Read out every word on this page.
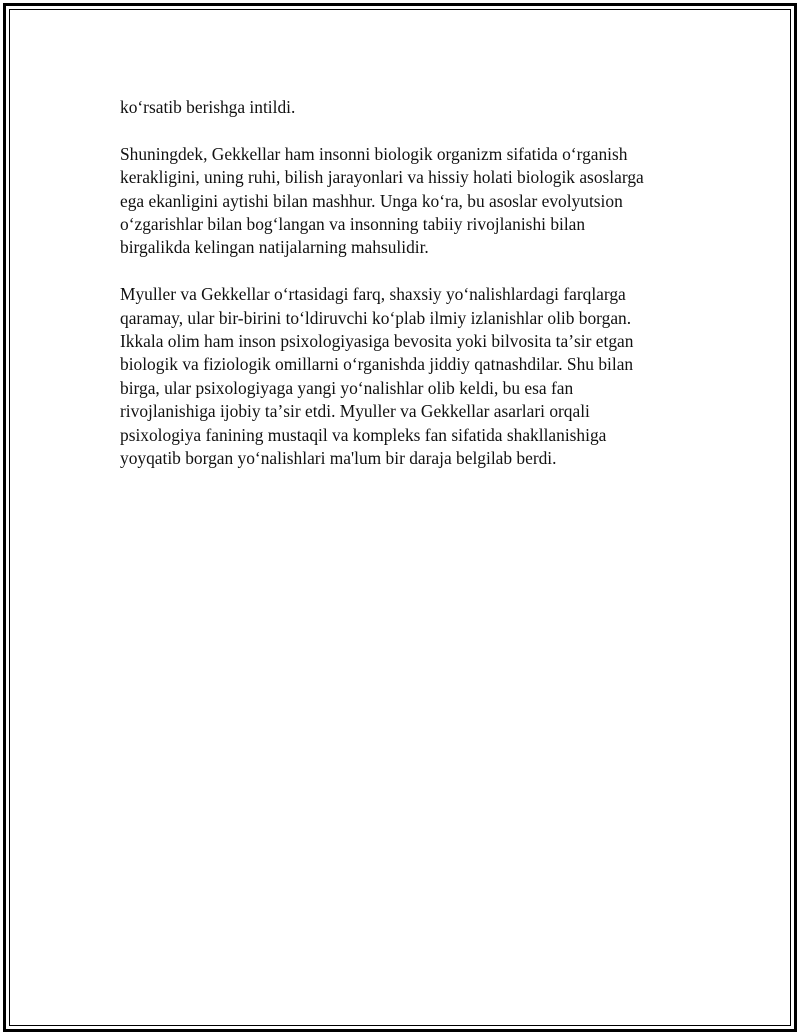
koʻrsatib berishga intildi.

Shuningdek, Gekkellar ham insonni biologik organizm sifatida oʻrganish
kerakligini, uning ruhi, bilish jarayonlari va hissiy holati biologik asoslarga
ega ekanligini aytishi bilan mashhur. Unga koʻra, bu asoslar evolyutsion
oʻzgarishlar bilan bogʻlangan va insonning tabiiy rivojlanishi bilan
birgalikda kelingan natijalarning mahsulidir.

Myuller va Gekkellar oʻrtasidagi farq, shaxsiy yoʻnalishlardagi farqlarga
qaramay, ular bir-birini toʻldiruvchi koʻplab ilmiy izlanishlar olib borgan.
Ikkala olim ham inson psixologiyasiga bevosita yoki bilvosita taʼsir etgan
biologik va fiziologik omillarni oʻrganishda jiddiy qatnashdilar. Shu bilan
birga, ular psixologiyaga yangi yoʻnalishlar olib keldi, bu esa fan
rivojlanishiga ijobiy taʼsir etdi. Myuller va Gekkellar asarlari orqali
psixologiya fanining mustaqil va kompleks fan sifatida shakllanishiga
yoyqatib borgan yoʻnalishlari ma'lum bir daraja belgilab berdi.
